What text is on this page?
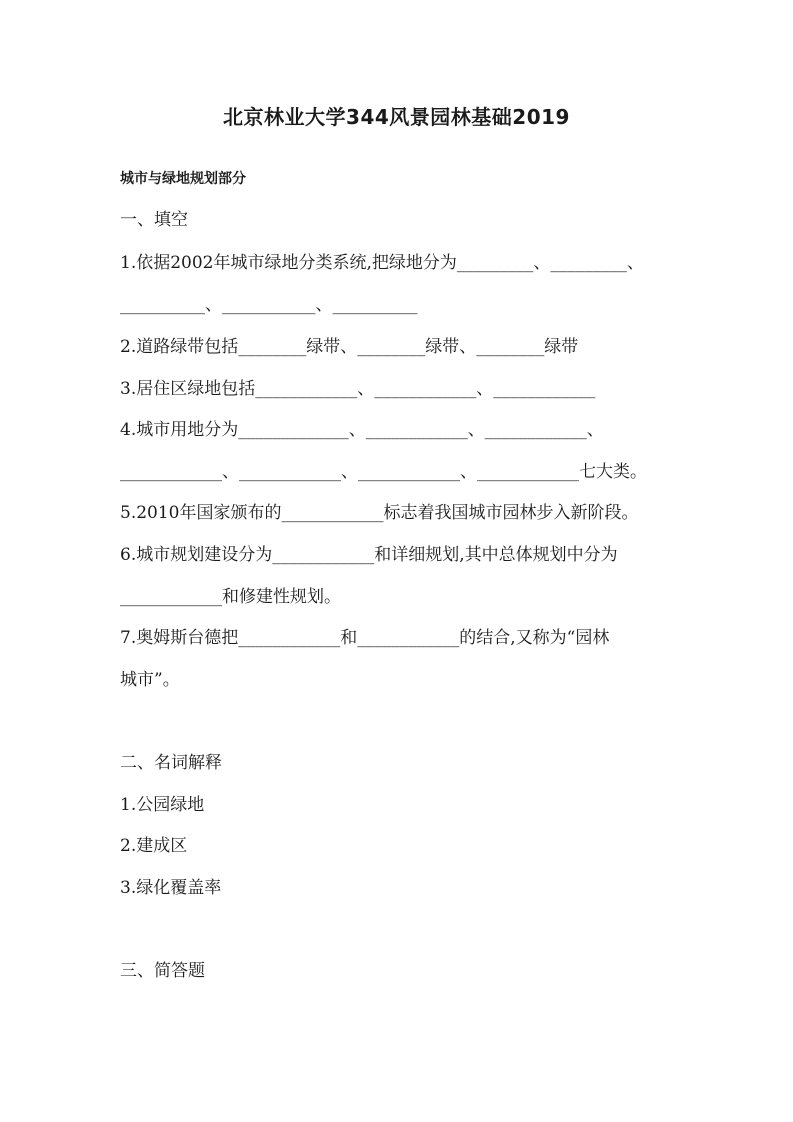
北京林业大学344风景园林基础2019
城市与绿地规划部分
一、填空
1.依据2002年城市绿地分类系统,把绿地分为_________、_________、
__________、___________、__________
2.道路绿带包括________绿带、________绿带、________绿带
3.居住区绿地包括____________、____________、____________
4.城市用地分为_____________、____________、____________、
____________、____________、____________、____________七大类。
5.2010年国家颁布的____________标志着我国城市园林步入新阶段。
6.城市规划建设分为____________和详细规划,其中总体规划中分为
____________和修建性规划。
7.奥姆斯台德把____________和____________的结合,又称为“园林
城市”。
二、名词解释
1.公园绿地
2.建成区
3.绿化覆盖率
三、简答题
